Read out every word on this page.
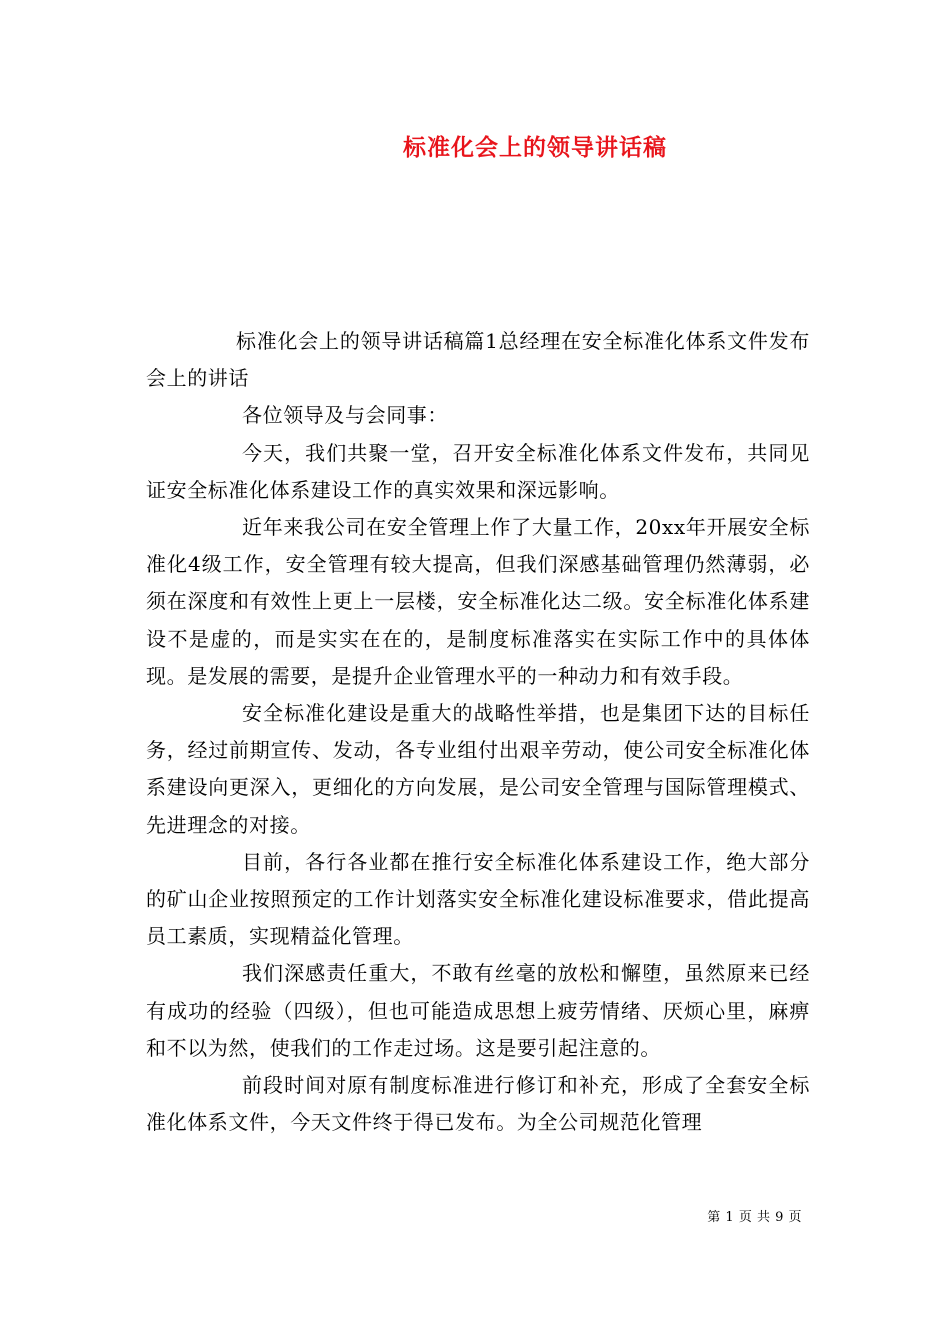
标准化会上的领导讲话稿

标准化会上的领导讲话稿篇1总经理在安全标准化体系文件发布会上的讲话

各位领导及与会同事：

今天，我们共聚一堂，召开安全标准化体系文件发布，共同见证安全标准化体系建设工作的真实效果和深远影响。

近年来我公司在安全管理上作了大量工作，20xx年开展安全标准化4级工作，安全管理有较大提高，但我们深感基础管理仍然薄弱，必须在深度和有效性上更上一层楼，安全标准化达二级。安全标准化体系建设不是虚的，而是实实在在的，是制度标准落实在实际工作中的具体体现。是发展的需要，是提升企业管理水平的一种动力和有效手段。

安全标准化建设是重大的战略性举措，也是集团下达的目标任务，经过前期宣传、发动，各专业组付出艰辛劳动，使公司安全标准化体系建设向更深入，更细化的方向发展，是公司安全管理与国际管理模式、先进理念的对接。

目前，各行各业都在推行安全标准化体系建设工作，绝大部分的矿山企业按照预定的工作计划落实安全标准化建设标准要求，借此提高员工素质，实现精益化管理。

我们深感责任重大，不敢有丝毫的放松和懈堕，虽然原来已经有成功的经验（四级），但也可能造成思想上疲劳情绪、厌烦心里，麻痹和不以为然，使我们的工作走过场。这是要引起注意的。

前段时间对原有制度标准进行修订和补充，形成了全套安全标准化体系文件，今天文件终于得已发布。为全公司规范化管理

第 1 页 共 9 页
